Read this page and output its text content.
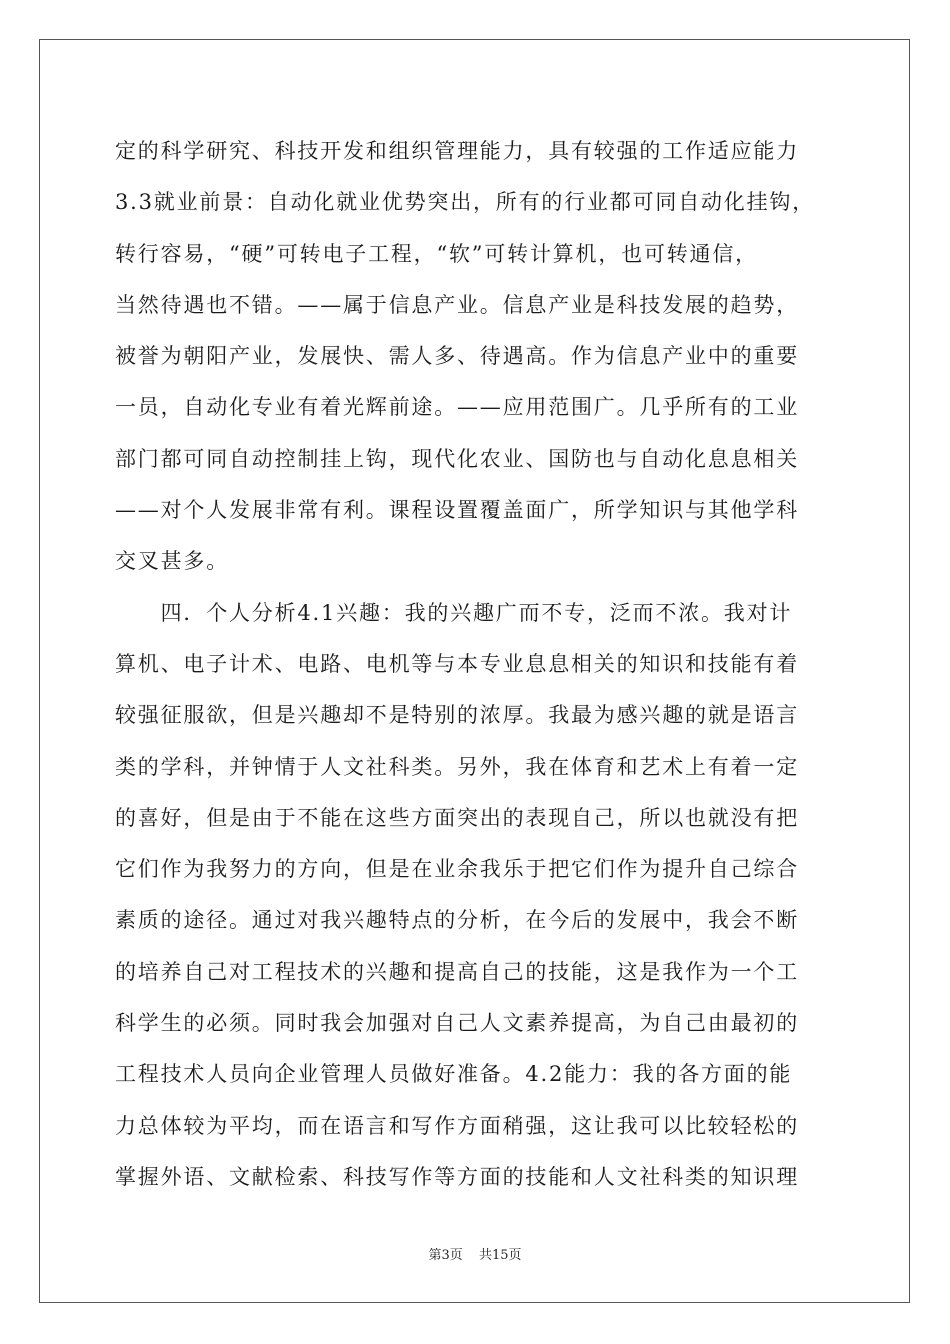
定的科学研究、科技开发和组织管理能力，具有较强的工作适应能力
3.3就业前景：自动化就业优势突出，所有的行业都可同自动化挂钩，
转行容易，“硬”可转电子工程，“软”可转计算机，也可转通信，
当然待遇也不错。——属于信息产业。信息产业是科技发展的趋势，
被誉为朝阳产业，发展快、需人多、待遇高。作为信息产业中的重要
一员，自动化专业有着光辉前途。——应用范围广。几乎所有的工业
部门都可同自动控制挂上钩，现代化农业、国防也与自动化息息相关
——对个人发展非常有利。课程设置覆盖面广，所学知识与其他学科
交叉甚多。
　　四．个人分析4.1兴趣：我的兴趣广而不专，泛而不浓。我对计
算机、电子计术、电路、电机等与本专业息息相关的知识和技能有着
较强征服欲，但是兴趣却不是特别的浓厚。我最为感兴趣的就是语言
类的学科，并钟情于人文社科类。另外，我在体育和艺术上有着一定
的喜好，但是由于不能在这些方面突出的表现自己，所以也就没有把
它们作为我努力的方向，但是在业余我乐于把它们作为提升自己综合
素质的途径。通过对我兴趣特点的分析，在今后的发展中，我会不断
的培养自己对工程技术的兴趣和提高自己的技能，这是我作为一个工
科学生的必须。同时我会加强对自己人文素养提高，为自己由最初的
工程技术人员向企业管理人员做好准备。4.2能力：我的各方面的能
力总体较为平均，而在语言和写作方面稍强，这让我可以比较轻松的
掌握外语、文献检索、科技写作等方面的技能和人文社科类的知识理
第3页 共15页
